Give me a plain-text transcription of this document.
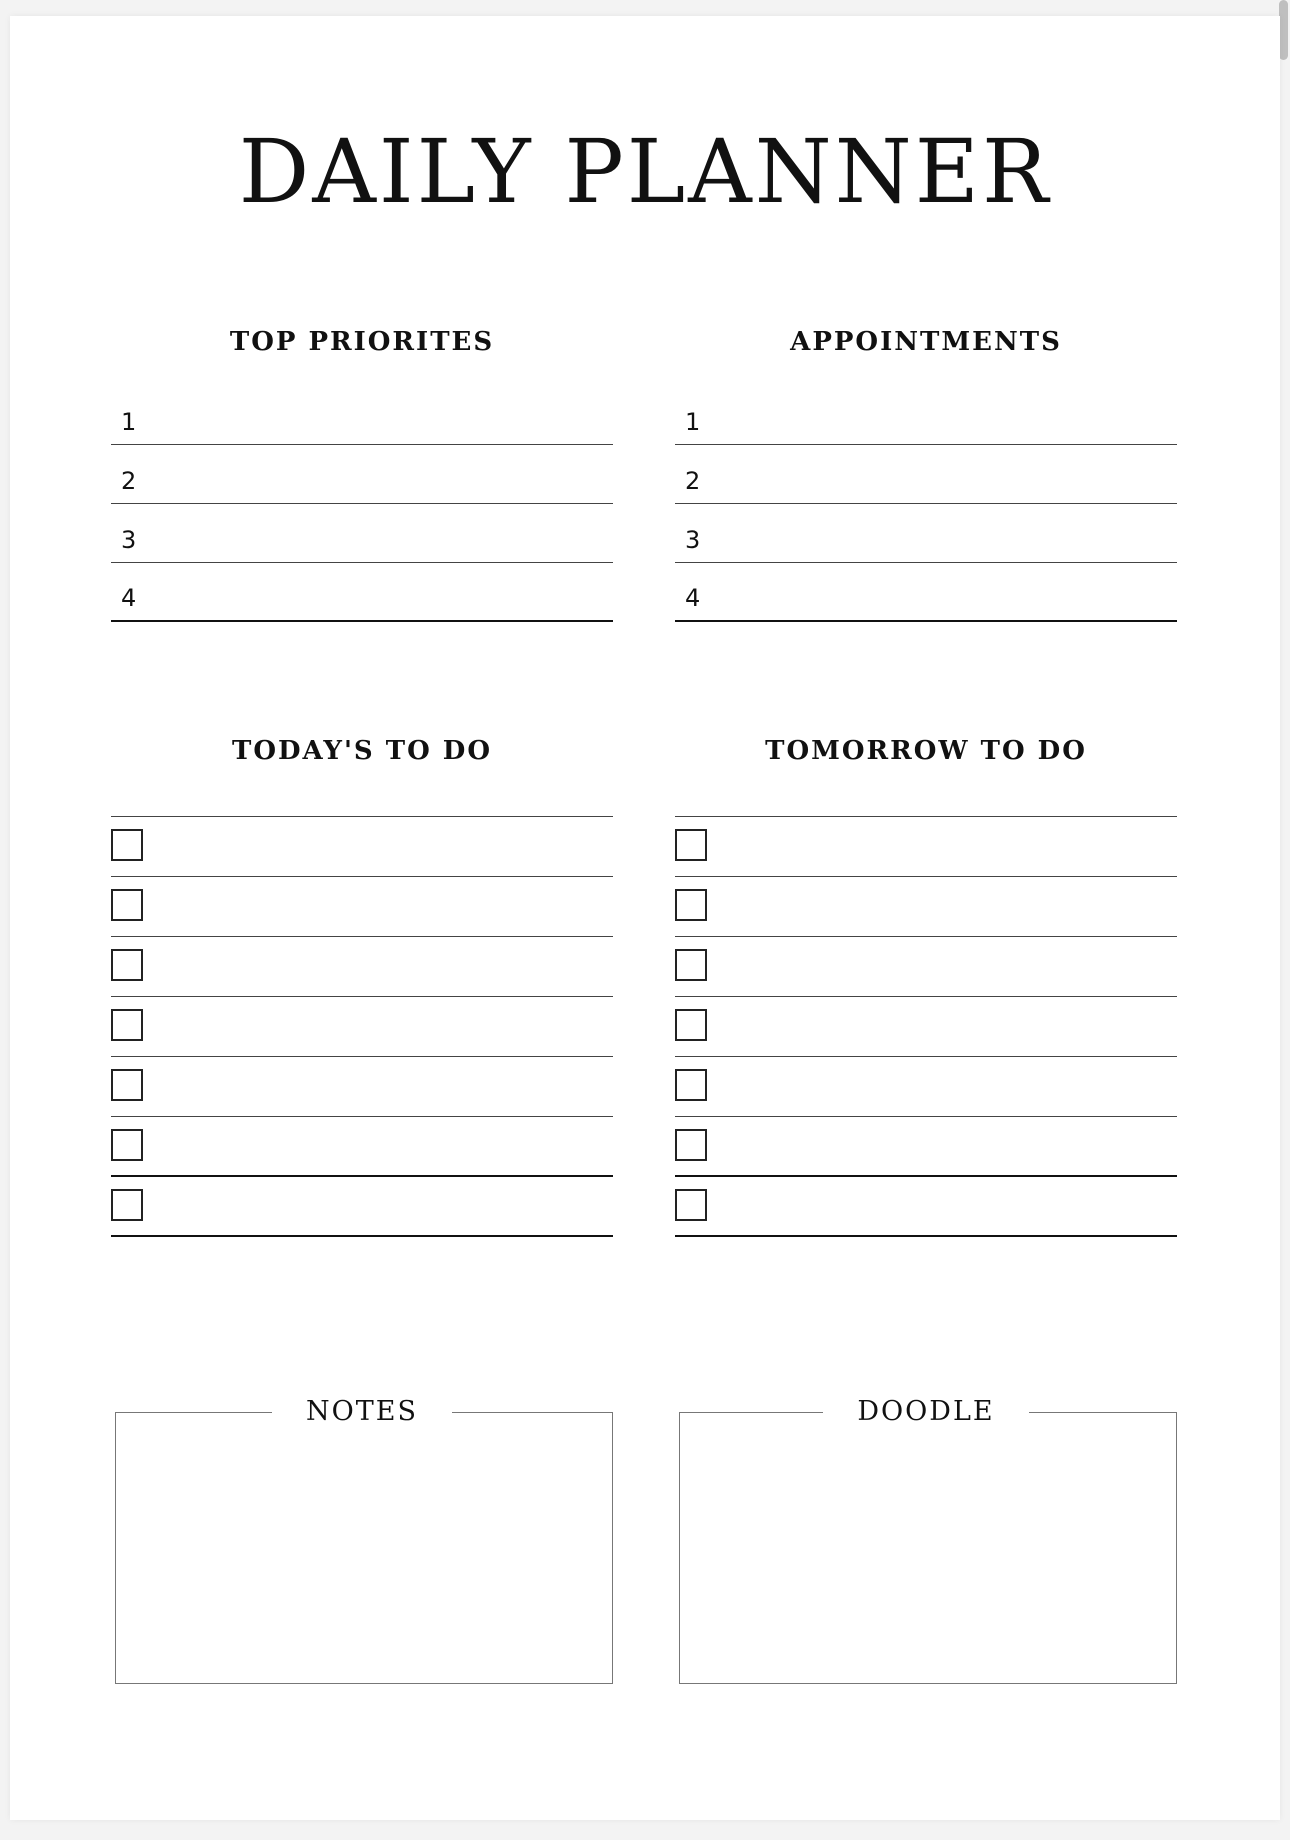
DAILY PLANNER
TOP PRIORITES
1
2
3
4
APPOINTMENTS
1
2
3
4
TODAY'S TO DO	TOMORROW TO DO
NOTES	DOODLE
